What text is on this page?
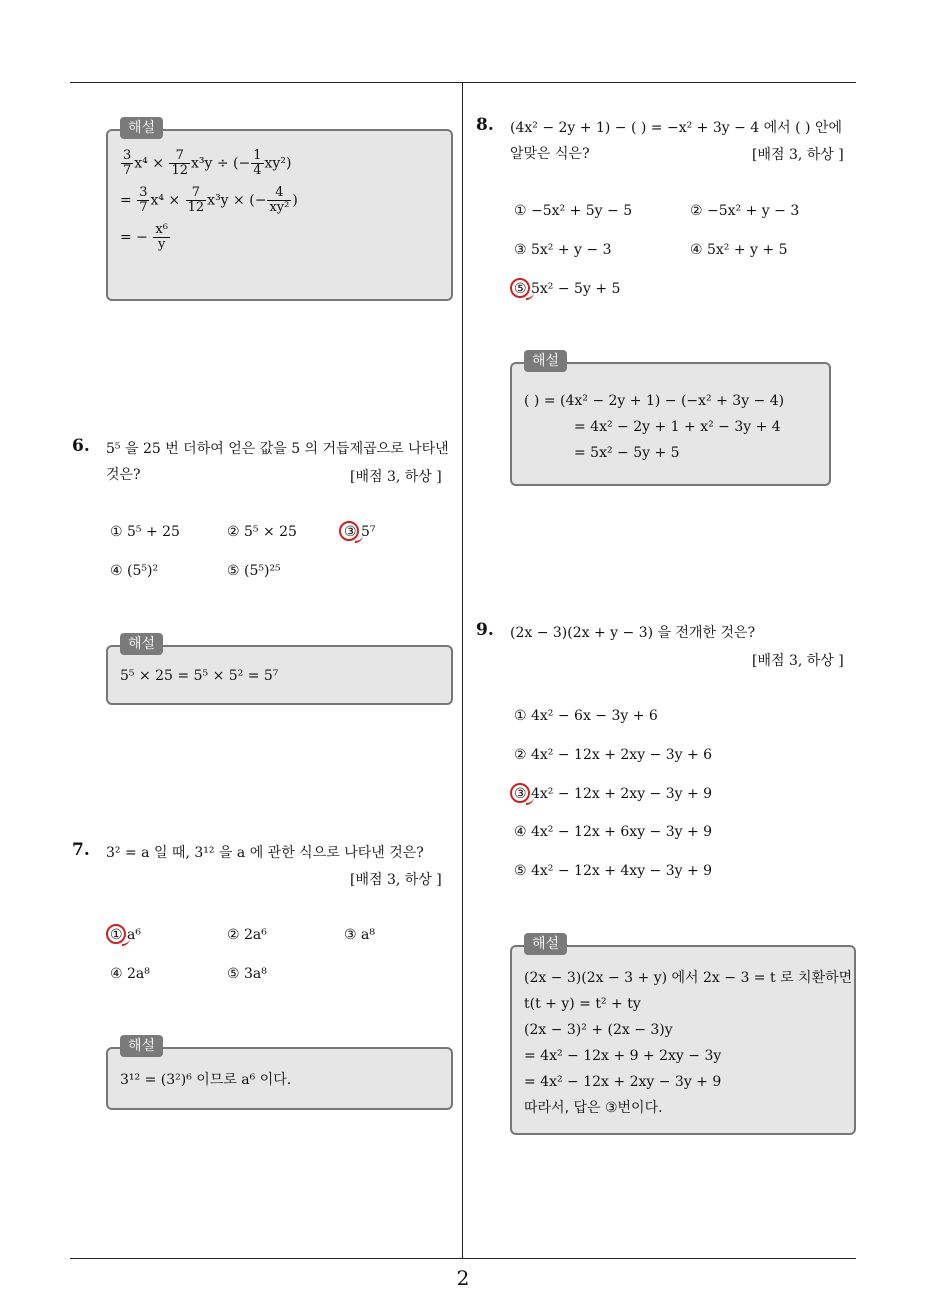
해설
$\frac{3}{7} x^4 \times \frac{7}{12} x^3y$ ÷ (− $\frac{1}{4} xy^2$)
= $\frac{3}{7} x^4 \times \frac{7}{12} x^3y$ × (− $\frac{4}{\text{xy²}}$ )
= − $\frac{\text{x⁶}}{y}$
6. 5⁵ 을 25 번 더하여 얻은 값을 5 의 거듭제곱으로 나타낸
것은?	[배점 3, 하상 ]
① 5⁵ + 25	② 5⁵ × 25	③ 5⁷
④ (5⁵)²	⑤ (5⁵)²⁵
해설
5⁵ × 25 = 5⁵ × 5² = 5⁷
7. 3² = a 일 때, 3¹² 을 a 에 관한 식으로 나타낸 것은?
[배점 3, 하상 ]
① a⁶	② 2a⁶	③ a⁸
④ 2a⁸	⑤ 3a⁸
해설
3¹² = (3²)⁶ 이므로 a⁶ 이다.
8. (4x² − 2y + 1) − ( ) = −x² + 3y − 4 에서 ( ) 안에
알맞은 식은?	[배점 3, 하상 ]
① −5x² + 5y − 5	② −5x² + y − 3
③ 5x² + y − 3	④ 5x² + y + 5
⑤ 5x² − 5y + 5
해설
( ) = (4x² − 2y + 1) − (−x² + 3y − 4)
= 4x² − 2y + 1 + x² − 3y + 4
= 5x² − 5y + 5
9. (2x − 3)(2x + y − 3) 을 전개한 것은?
[배점 3, 하상 ]
① 4x² − 6x − 3y + 6
② 4x² − 12x + 2xy − 3y + 6
③ 4x² − 12x + 2xy − 3y + 9
④ 4x² − 12x + 6xy − 3y + 9
⑤ 4x² − 12x + 4xy − 3y + 9
해설
(2x − 3)(2x − 3 + y) 에서 2x − 3 = t 로 치환하면
t(t + y) = t² + ty
(2x − 3)² + (2x − 3)y
= 4x² − 12x + 9 + 2xy − 3y
= 4x² − 12x + 2xy − 3y + 9
따라서, 답은 ③번이다.
2
